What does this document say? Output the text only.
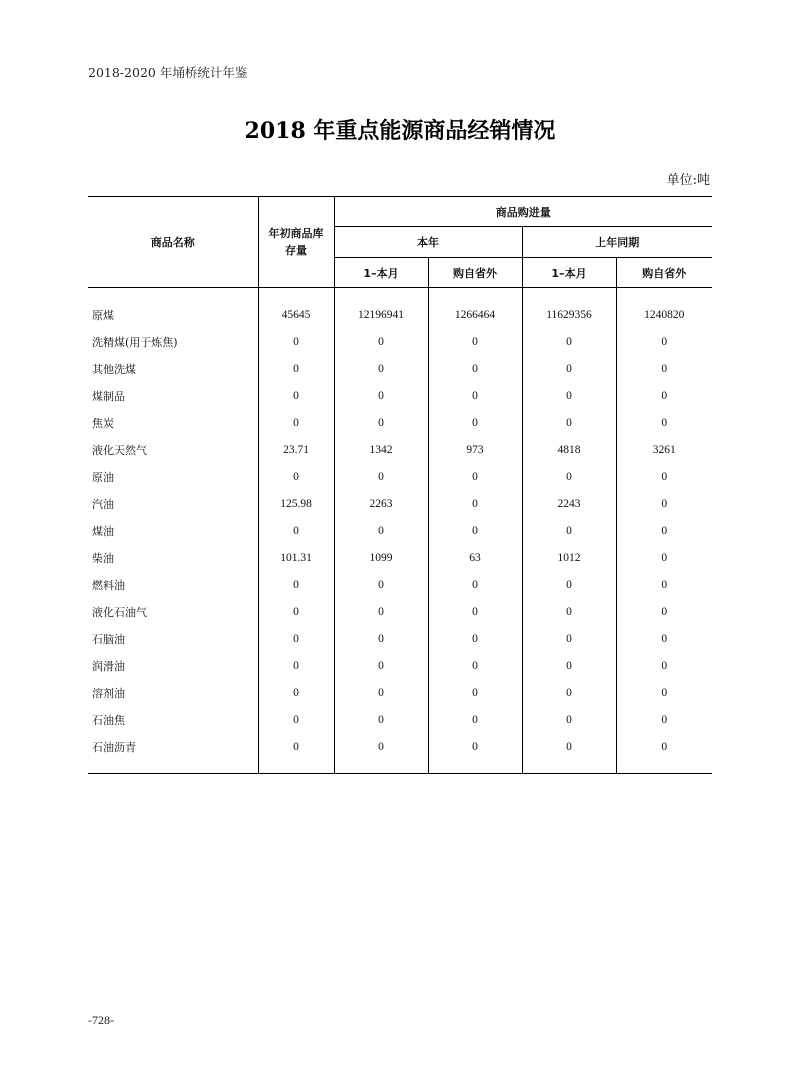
2018-2020 年埇桥统计年鉴
2018 年重点能源商品经销情况
单位:吨
商品名称	年初商品库存量	商品购进量			
		本年		上年同期	
		1–本月	购自省外	1–本月	购自省外

原煤	45645	12196941	1266464	11629356	1240820
洗精煤(用于炼焦)	0	0	0	0	0
其他洗煤	0	0	0	0	0
煤制品	0	0	0	0	0
焦炭	0	0	0	0	0
液化天然气	23.71	1342	973	4818	3261
原油	0	0	0	0	0
汽油	125.98	2263	0	2243	0
煤油	0	0	0	0	0
柴油	101.31	1099	63	1012	0
燃料油	0	0	0	0	0
液化石油气	0	0	0	0	0
石脑油	0	0	0	0	0
润滑油	0	0	0	0	0
溶剂油	0	0	0	0	0
石油焦	0	0	0	0	0
石油沥青	0	0	0	0	0

-728-
